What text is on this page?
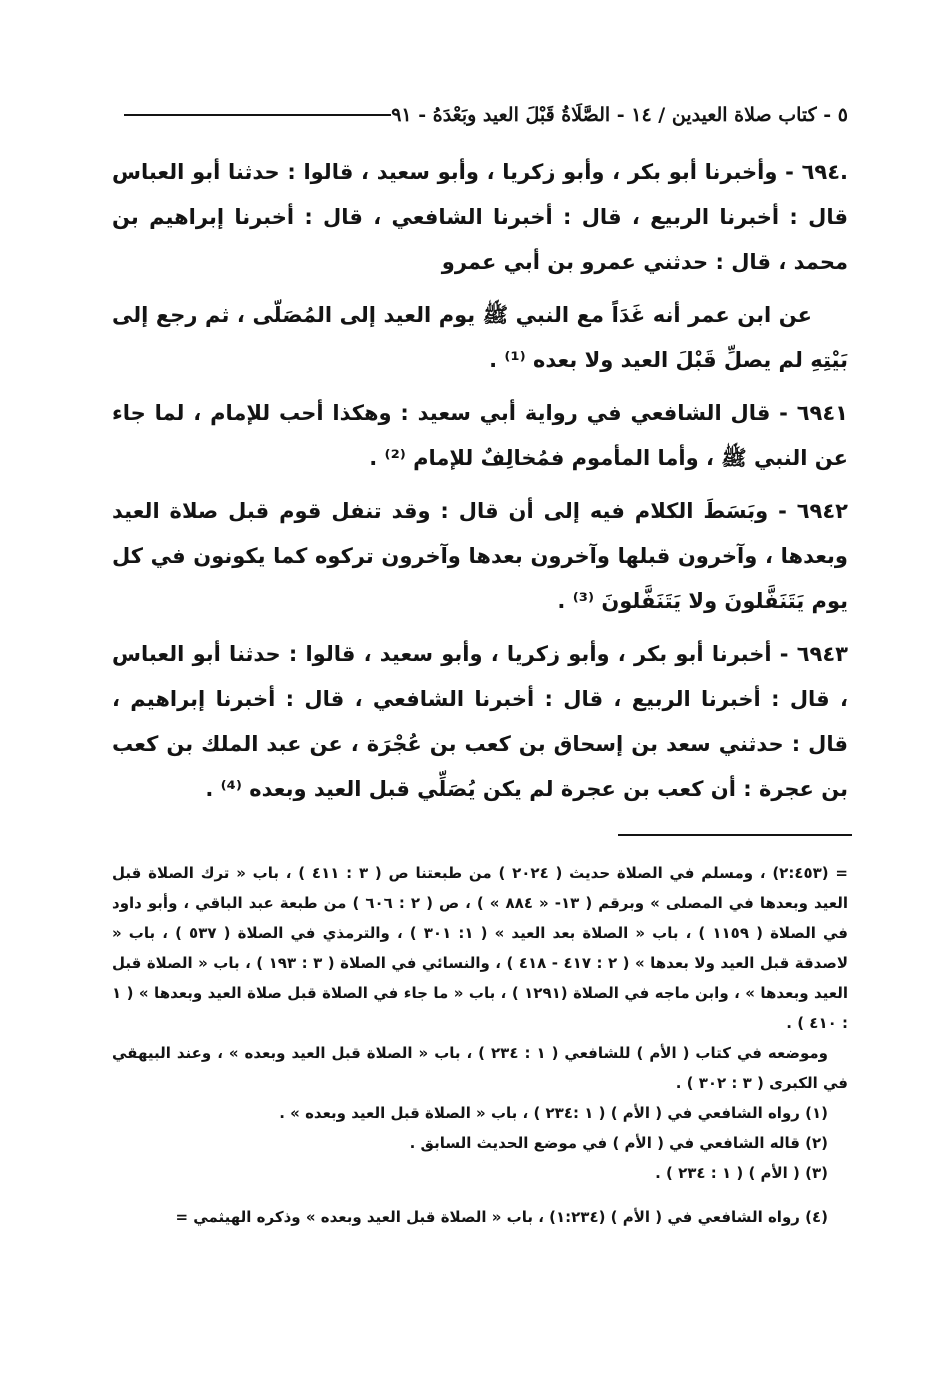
٥ - كتاب صلاة العيدين / ١٤ - الصَّلَاةُ قَبْلَ العيد وبَعْدَهُ - ٩١

.٦٩٤ - وأخبرنا أبو بكر ، وأبو زكريا ، وأبو سعيد ، قالوا : حدثنا أبو العباس قال : أخبرنا الربيع ، قال : أخبرنا الشافعي ، قال : أخبرنا إبراهيم بن محمد ، قال : حدثني عمرو بن أبي عمرو

عن ابن عمر أنه غَدَاً مع النبي ﷺ يوم العيد إلى المُصَلّى ، ثم رجع إلى بَيْتِهِ لم يصلِّ قَبْلَ العيد ولا بعده ⁽¹⁾ .

٦٩٤١ - قال الشافعي في رواية أبي سعيد : وهكذا أحب للإمام ، لما جاء عن النبي ﷺ ، وأما المأموم فمُخالِفٌ للإمام ⁽²⁾ .

٦٩٤٢ - وبَسَطَ الكلام فيه إلى أن قال : وقد تنفل قوم قبل صلاة العيد وبعدها ، وآخرون قبلها وآخرون بعدها وآخرون تركوه كما يكونون في كل يوم يَتَنَفَّلونَ ولا يَتَنَفَّلونَ ⁽³⁾ .

٦٩٤٣ - أخبرنا أبو بكر ، وأبو زكريا ، وأبو سعيد ، قالوا : حدثنا أبو العباس ، قال : أخبرنا الربيع ، قال : أخبرنا الشافعي ، قال : أخبرنا إبراهيم ، قال : حدثني سعد بن إسحاق بن كعب بن عُجْرَة ، عن عبد الملك بن كعب بن عجرة : أن كعب بن عجرة لم يكن يُصَلِّي قبل العيد وبعده ⁽⁴⁾ .

= (٢:٤٥٣) ، ومسلم في الصلاة حديث ( ٢٠٢٤ ) من طبعتنا ص ( ٣ : ٤١١ ) ، باب « ترك الصلاة قبل العيد وبعدها في المصلى » وبرقم ( ١٣- « ٨٨٤ » ) ، ص ( ٢ : ٦٠٦ ) من طبعة عبد الباقي ، وأبو داود في الصلاة ( ١١٥٩ ) ، باب « الصلاة بعد العيد » ( ١: ٣٠١ ) ، والترمذي في الصلاة ( ٥٣٧ ) ، باب « لاصدقة قبل العيد ولا بعدها » ( ٢ : ٤١٧ - ٤١٨ ) ، والنسائي في الصلاة ( ٣ : ١٩٣ ) ، باب « الصلاة قبل العيد وبعدها » ، وابن ماجه في الصلاة (١٢٩١ ) ، باب « ما جاء في الصلاة قبل صلاة العيد وبعدها » ( ١ : ٤١٠ ) .

وموضعه في كتاب ( الأم ) للشافعي ( ١ : ٢٣٤ ) ، باب « الصلاة قبل العيد وبعده » ، وعند البيهقي في الكبرى ( ٣ : ٣٠٢ ) .

(١) رواه الشافعي في ( الأم ) ( ١ :٢٣٤ ) ، باب « الصلاة قبل العيد وبعده » .

(٢) قاله الشافعي في ( الأم ) في موضع الحديث السابق .

(٣) ( الأم ) ( ١ : ٢٣٤ ) .

(٤) رواه الشافعي في ( الأم ) (١:٢٣٤) ، باب « الصلاة قبل العيد وبعده » وذكره الهيثمي =
